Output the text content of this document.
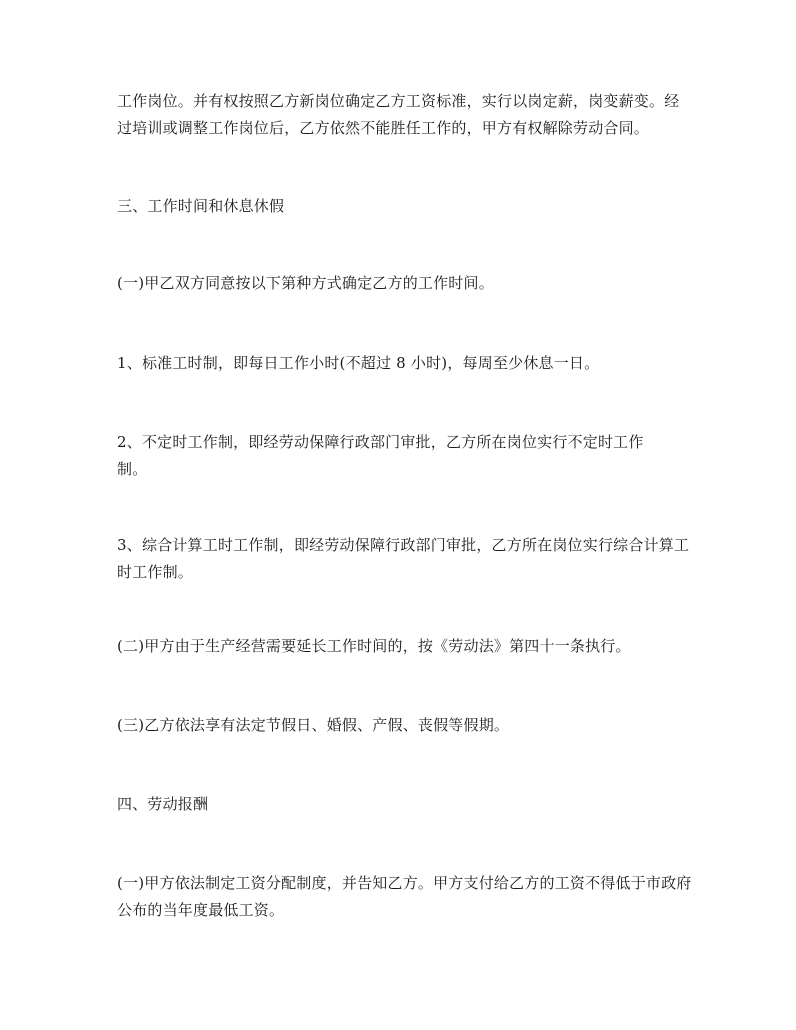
工作岗位。并有权按照乙方新岗位确定乙方工资标准，实行以岗定薪，岗变薪变。经过培训或调整工作岗位后，乙方依然不能胜任工作的，甲方有权解除劳动合同。

三、工作时间和休息休假

(一)甲乙双方同意按以下第种方式确定乙方的工作时间。

1、标准工时制，即每日工作小时(不超过 8 小时)，每周至少休息一日。

2、不定时工作制，即经劳动保障行政部门审批，乙方所在岗位实行不定时工作制。

3、综合计算工时工作制，即经劳动保障行政部门审批，乙方所在岗位实行综合计算工时工作制。

(二)甲方由于生产经营需要延长工作时间的，按《劳动法》第四十一条执行。

(三)乙方依法享有法定节假日、婚假、产假、丧假等假期。

四、劳动报酬

(一)甲方依法制定工资分配制度，并告知乙方。甲方支付给乙方的工资不得低于市政府公布的当年度最低工资。
